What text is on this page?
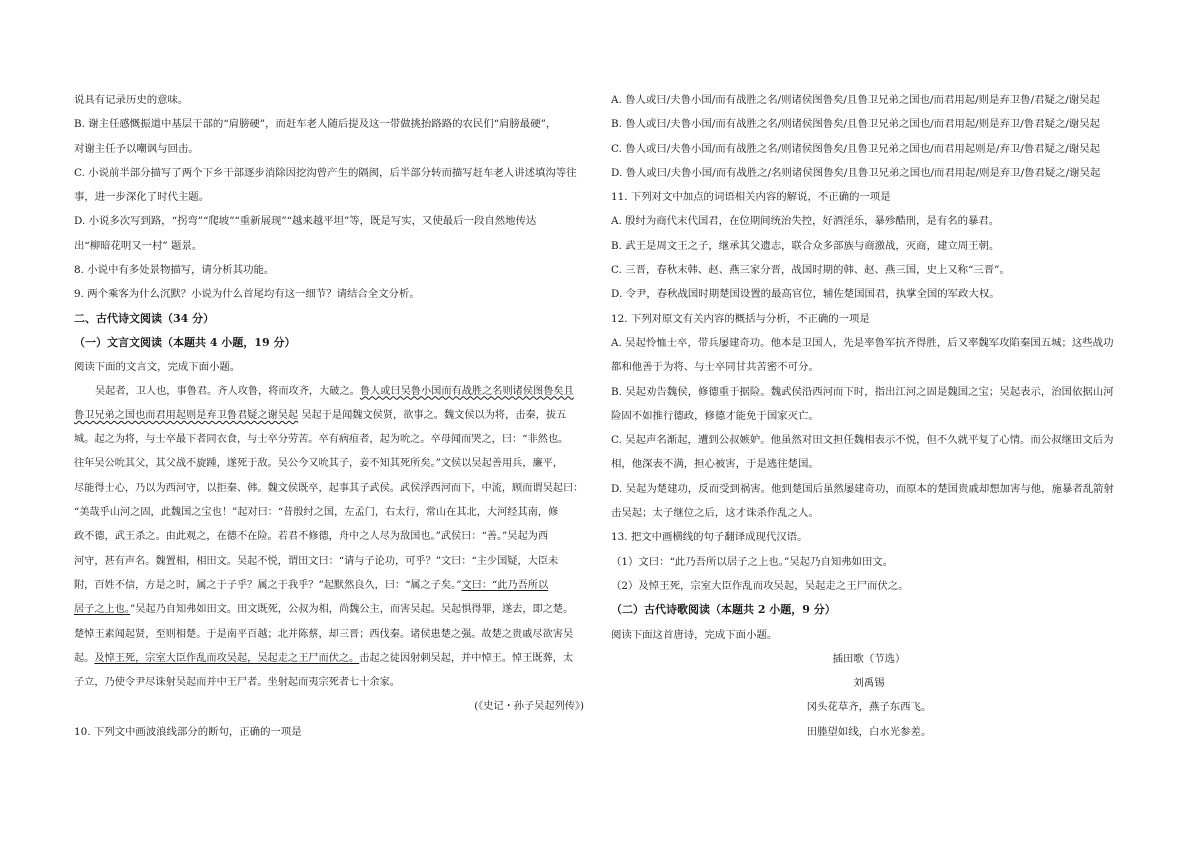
说具有记录历史的意味。

B. 谢主任感慨振道中基层干部的“肩膀硬”，而赶车老人随后提及这一带做挑抬路路的农民们“肩膀最硬”，

对谢主任予以嘲讽与回击。

C. 小说前半部分描写了两个下乡干部逐步消除因挖沟曾产生的隔阂，后半部分转而描写赶车老人讲述填沟等往

事，进一步深化了时代主题。

D. 小说多次写到路，“拐弯”“爬坡”“重新展现”“越来越平坦”等，既是写实，又使最后一段自然地传达

出“柳暗花明又一村” 题景。

8. 小说中有多处景物描写，请分析其功能。

9. 两个乘客为什么沉默？小说为什么首尾均有这一细节？请结合全文分析。

二、古代诗文阅读（34 分）

（一）文言文阅读（本题共 4 小题，19 分）

阅读下面的文言文，完成下面小题。

吴起者，卫人也，事鲁君。齐人攻鲁，将而攻齐，大破之。鲁人或曰吴鲁小国而有战胜之名则诸侯图鲁矣且

鲁卫兄弟之国也而君用起则是弃卫鲁君疑之谢吴起 吴起于是闻魏文侯贤，欲事之。魏文侯以为将，击秦，拔五

城。起之为将，与士卒最下者同衣食，与士卒分劳苦。卒有病疽者，起为吮之。卒母闻而哭之，曰：“非然也。

往年吴公吮其父，其父战不旋踵，遂死于敌。吴公今又吮其子，妾不知其死所矣。”文侯以吴起善用兵，廉平，

尽能得士心，乃以为西河守，以拒秦、韩。魏文侯既卒，起事其子武侯。武侯浮西河而下，中流，顾而谓吴起曰：

“美哉乎山河之固，此魏国之宝也！”起对曰：“昔殷纣之国，左孟门，右太行，常山在其北，大河经其南，修

政不德，武王杀之。由此观之，在德不在险。若君不修德，舟中之人尽为敌国也。”武侯曰：“善。”吴起为西

河守，甚有声名。魏置相，相田文。吴起不悦，谓田文曰：“请与子论功，可乎？”文曰：“主少国疑，大臣未

附，百姓不信，方是之时，属之于子乎？属之于我乎？”起默然良久，曰：“属之子矣。”文曰：“此乃吾所以

居子之上也。”吴起乃自知弗如田文。田文既死，公叔为相，尚魏公主，而害吴起。吴起惧得罪，遂去，即之楚。

楚悼王素闻起贤，至则相楚。于是南平百越；北并陈蔡，却三晋；西伐秦。诸侯患楚之强。故楚之贵戚尽欲害吴

起。及悼王死，宗室大臣作乱而攻吴起，吴起走之王尸而伏之。击起之徒因射刺吴起，并中悼王。悼王既葬，太

子立，乃使令尹尽诛射吴起而并中王尸者。坐射起而夷宗死者七十余家。

(《史记・孙子吴起列传》)

10. 下列文中画波浪线部分的断句，正确的一项是

A. 鲁人或曰/夫鲁小国/而有战胜之名/则诸侯图鲁矣/且鲁卫兄弟之国也/而君用起/则是弃卫鲁/君疑之/谢吴起

B. 鲁人或曰/夫鲁小国/而有战胜之名/则诸侯图鲁矣/且鲁卫兄弟之国也/而君用起/则是弃卫/鲁君疑之/谢吴起

C. 鲁人或曰/夫鲁小国/而有战胜之名/则诸侯图鲁矣/且鲁卫兄弟之国也/而君用起则是/弃卫/鲁君疑之/谢吴起

D. 鲁人或曰/夫鲁小国/而有战胜之/名则诸侯图鲁矣/且鲁卫兄弟之国也/而君用起/则是弃卫/鲁君疑之/谢吴起

11. 下列对文中加点的词语相关内容的解说，不正确的一项是

A. 殷纣为商代末代国君，在位期间统治失控，好酒淫乐，暴殄酷刑，是有名的暴君。

B. 武王是周文王之子，继承其父遗志，联合众多部族与商激战，灭商，建立周王朝。

C. 三晋，春秋末韩、赵、燕三家分晋，战国时期的韩、赵、燕三国，史上又称“三晋”。

D. 令尹，春秋战国时期楚国设置的最高官位，辅佐楚国国君，执掌全国的军政大权。

12. 下列对原文有关内容的概括与分析，不正确的一项是

A. 吴起怜恤士卒，带兵屡建奇功。他本是卫国人，先是率鲁军抗齐得胜，后又率魏军攻陷秦国五城；这些战功

都和他善于为将、与士卒同甘共苦密不可分。

B. 吴起劝告魏侯，修德重于据险。魏武侯沿西河而下时，指出江河之固是魏国之宝；吴起表示，治国依据山河

险固不如推行德政，修德才能免于国家灭亡。

C. 吴起声名渐起，遭到公叔嫉妒。他虽然对田文担任魏相表示不悦，但不久就平复了心情。而公叔继田文后为

相，他深表不满，担心被害，于是逃往楚国。

D. 吴起为楚建功，反而受到祸害。他到楚国后虽然屡建奇功，而原本的楚国贵戚却想加害与他，施暴者乱箭射

击吴起；太子继位之后，这才诛杀作乱之人。

13. 把文中画横线的句子翻译成现代汉语。

（1）文曰：“此乃吾所以居子之上也。”吴起乃自知弗如田文。

（2）及悼王死，宗室大臣作乱而攻吴起，吴起走之王尸而伏之。

（二）古代诗歌阅读（本题共 2 小题，9 分）

阅读下面这首唐诗，完成下面小题。

插田歌（节选）

刘禹锡

冈头花草齐，燕子东西飞。

田塍望如线，白水光参差。
